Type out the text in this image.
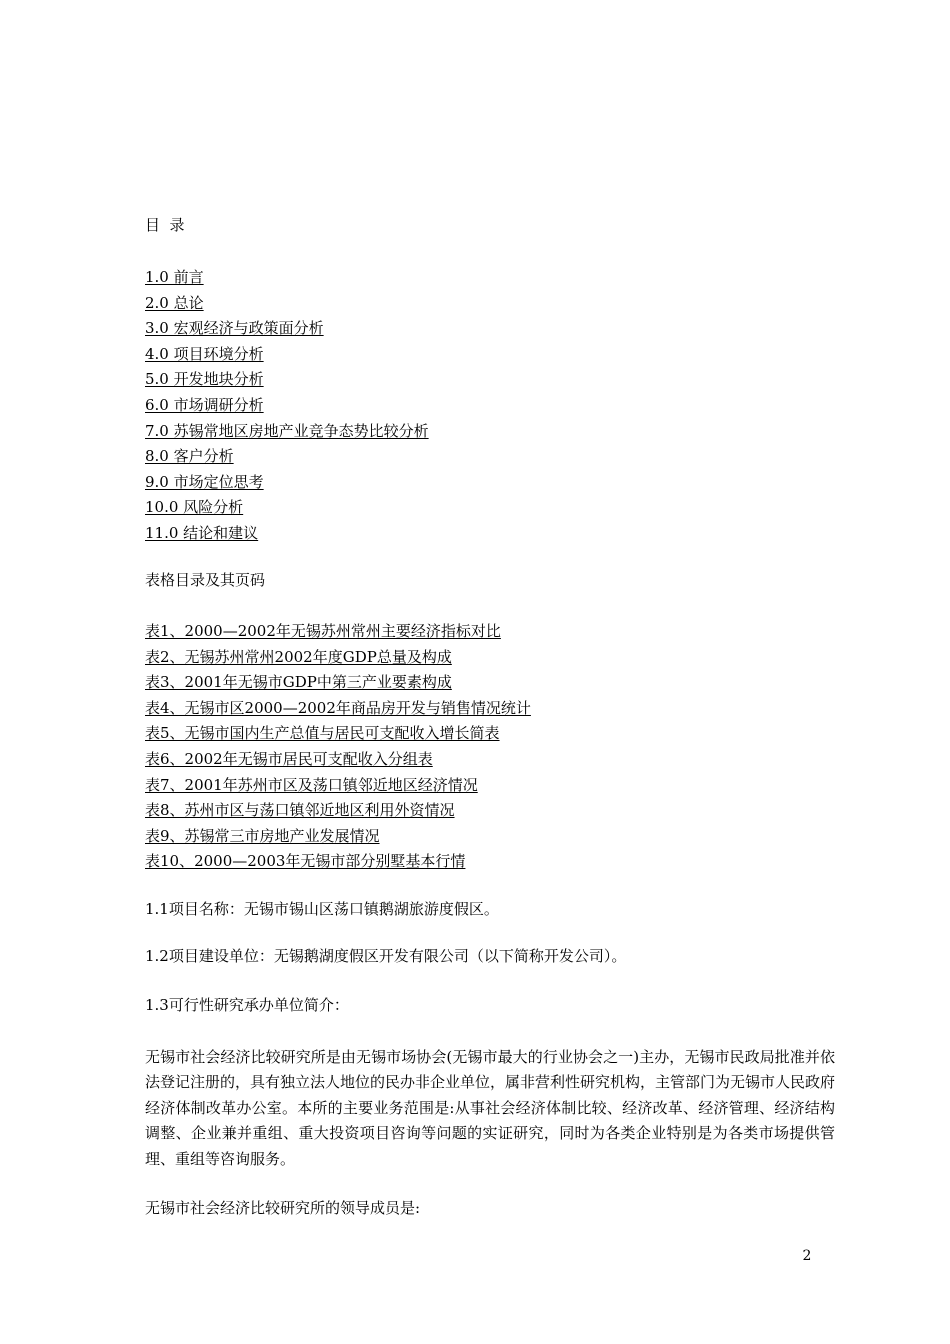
目  录
1.0 前言
2.0 总论
3.0 宏观经济与政策面分析
4.0 项目环境分析
5.0 开发地块分析
6.0 市场调研分析
7.0 苏锡常地区房地产业竞争态势比较分析
8.0 客户分析
9.0 市场定位思考
10.0 风险分析
11.0 结论和建议
表格目录及其页码
表1、2000—2002年无锡苏州常州主要经济指标对比
表2、无锡苏州常州2002年度GDP总量及构成
表3、2001年无锡市GDP中第三产业要素构成
表4、无锡市区2000—2002年商品房开发与销售情况统计
表5、无锡市国内生产总值与居民可支配收入增长简表
表6、2002年无锡市居民可支配收入分组表
表7、2001年苏州市区及荡口镇邻近地区经济情况
表8、苏州市区与荡口镇邻近地区利用外资情况
表9、苏锡常三市房地产业发展情况
表10、2000—2003年无锡市部分别墅基本行情
1.1项目名称：无锡市锡山区荡口镇鹅湖旅游度假区。
1.2项目建设单位：无锡鹅湖度假区开发有限公司（以下简称开发公司）。
1.3可行性研究承办单位简介：
无锡市社会经济比较研究所是由无锡市场协会(无锡市最大的行业协会之一)主办，无锡市民政局批准并依法登记注册的，具有独立法人地位的民办非企业单位，属非营利性研究机构，主管部门为无锡市人民政府经济体制改革办公室。本所的主要业务范围是:从事社会经济体制比较、经济改革、经济管理、经济结构调整、企业兼并重组、重大投资项目咨询等问题的实证研究，同时为各类企业特别是为各类市场提供管理、重组等咨询服务。
无锡市社会经济比较研究所的领导成员是:
2
